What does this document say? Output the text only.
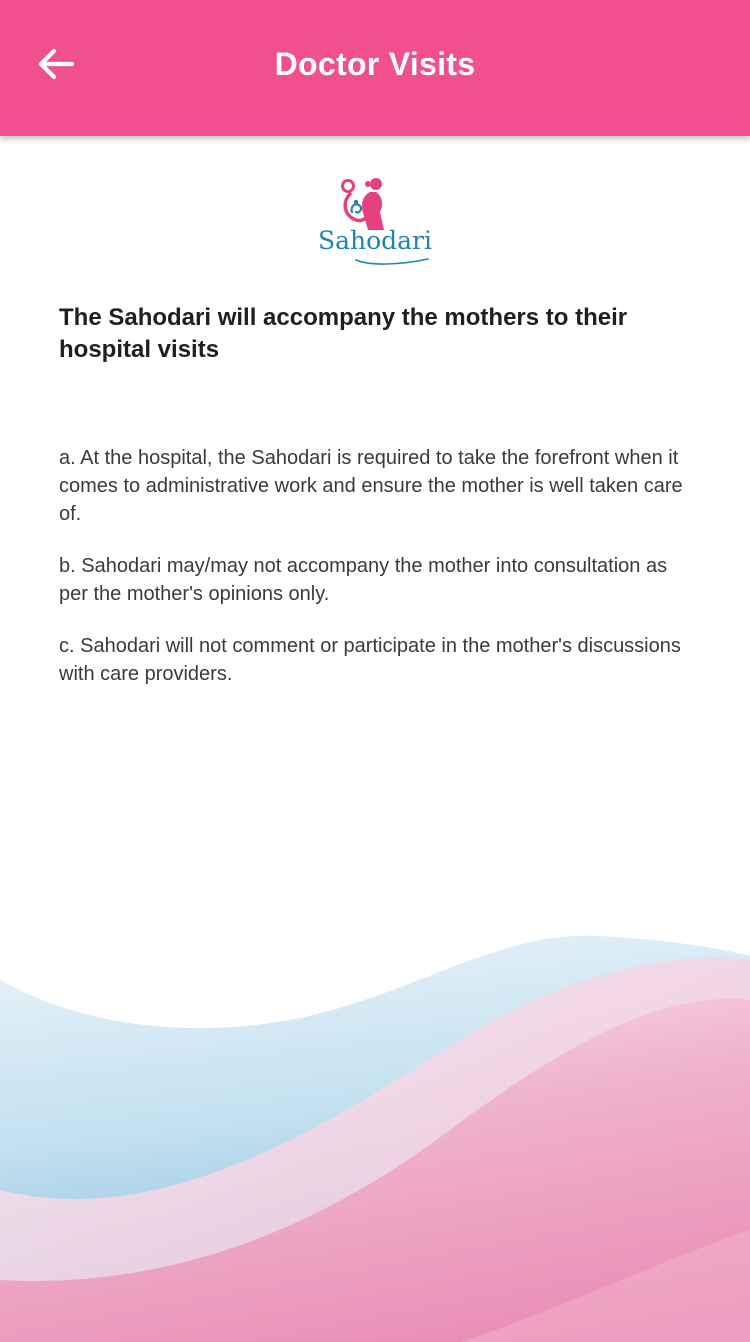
Doctor Visits
Sahodari
The Sahodari will accompany the mothers to their hospital visits

a. At the hospital, the Sahodari is required to take the forefront when it comes to administrative work and ensure the mother is well taken care of.

b. Sahodari may/may not accompany the mother into consultation as per the mother's opinions only.

c. Sahodari will not comment or participate in the mother's discussions with care providers.
